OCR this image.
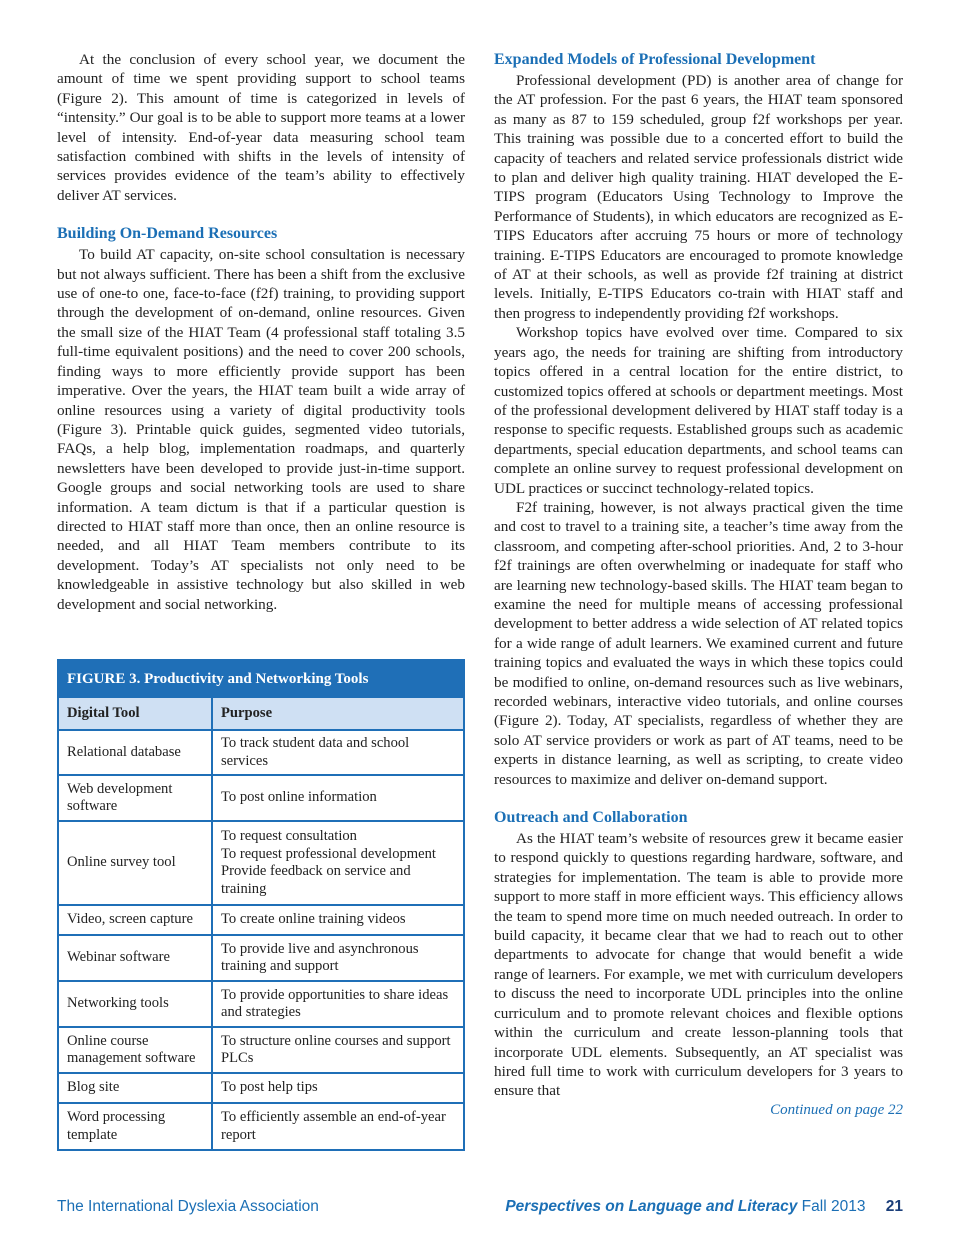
At the conclusion of every school year, we document the amount of time we spent providing support to school teams (Figure 2). This amount of time is categorized in levels of “intensity.” Our goal is to be able to support more teams at a lower level of intensity. End-of-year data measuring school team satisfaction combined with shifts in the levels of intensity of services provides evidence of the team’s ability to effectively deliver AT services.

Building On-Demand Resources

To build AT capacity, on-site school consultation is necessary but not always sufficient. There has been a shift from the exclusive use of one-to one, face-to-face (f2f) training, to providing support through the development of on-demand, online resources. Given the small size of the HIAT Team (4 professional staff totaling 3.5 full-time equivalent positions) and the need to cover 200 schools, finding ways to more efficiently provide support has been imperative. Over the years, the HIAT team built a wide array of online resources using a variety of digital productivity tools (Figure 3). Printable quick guides, segmented video tutorials, FAQs, a help blog, implementation roadmaps, and quarterly newsletters have been developed to provide just-in-time support. Google groups and social networking tools are used to share information. A team dictum is that if a particular question is directed to HIAT staff more than once, then an online resource is needed, and all HIAT Team members contribute to its development. Today’s AT specialists not only need to be knowledgeable in assistive technology but also skilled in web development and social networking.

FIGURE 3. Productivity and Networking Tools
Digital Tool	Purpose
Relational database	To track student data and school services

Web development software	To post online information

Online survey tool	To request consultation
To request professional development
Provide feedback on service and training

Video, screen capture	To create online training videos

Webinar software	To provide live and asynchronous training and support

Networking tools	To provide opportunities to share ideas and strategies

Online course management software	To structure online courses and support PLCs

Blog site	To post help tips

Word processing template	To efficiently assemble an end-of-year report
Expanded Models of Professional Development

Professional development (PD) is another area of change for the AT profession. For the past 6 years, the HIAT team sponsored as many as 87 to 159 scheduled, group f2f workshops per year. This training was possible due to a concerted effort to build the capacity of teachers and related service professionals district wide to plan and deliver high quality training. HIAT developed the E-TIPS program (Educators Using Technology to Improve the Performance of Students), in which educators are recognized as E-TIPS Educators after accruing 75 hours or more of technology training. E-TIPS Educators are encouraged to promote knowledge of AT at their schools, as well as provide f2f training at district levels. Initially, E-TIPS Educators co-train with HIAT staff and then progress to independently providing f2f workshops.

Workshop topics have evolved over time. Compared to six years ago, the needs for training are shifting from introductory topics offered in a central location for the entire district, to customized topics offered at schools or department meetings. Most of the professional development delivered by HIAT staff today is a response to specific requests. Established groups such as academic departments, special education departments, and school teams can complete an online survey to request professional development on UDL practices or succinct technology-related topics.

F2f training, however, is not always practical given the time and cost to travel to a training site, a teacher’s time away from the classroom, and competing after-school priorities. And, 2 to 3-hour f2f trainings are often overwhelming or inadequate for staff who are learning new technology-based skills. The HIAT team began to examine the need for multiple means of accessing professional development to better address a wide selection of AT related topics for a wide range of adult learners. We examined current and future training topics and evaluated the ways in which these topics could be modified to online, on-demand resources such as live webinars, recorded webinars, interactive video tutorials, and online courses (Figure 2). Today, AT specialists, regardless of whether they are solo AT service providers or work as part of AT teams, need to be experts in distance learning, as well as scripting, to create video resources to maximize and deliver on-demand support.

Outreach and Collaboration

As the HIAT team’s website of resources grew it became easier to respond quickly to questions regarding hardware, software, and strategies for implementation. The team is able to provide more support to more staff in more efficient ways. This efficiency allows the team to spend more time on much needed outreach. In order to build capacity, it became clear that we had to reach out to other departments to advocate for change that would benefit a wide range of learners. For example, we met with curriculum developers to discuss the need to incorporate UDL principles into the online curriculum and to promote relevant choices and flexible options within the curriculum and create lesson-planning tools that incorporate UDL elements. Subsequently, an AT specialist was hired full time to work with curriculum developers for 3 years to ensure that

Continued on page 22
The International Dyslexia Association	Perspectives on Language and Literacy Fall 2013 21
